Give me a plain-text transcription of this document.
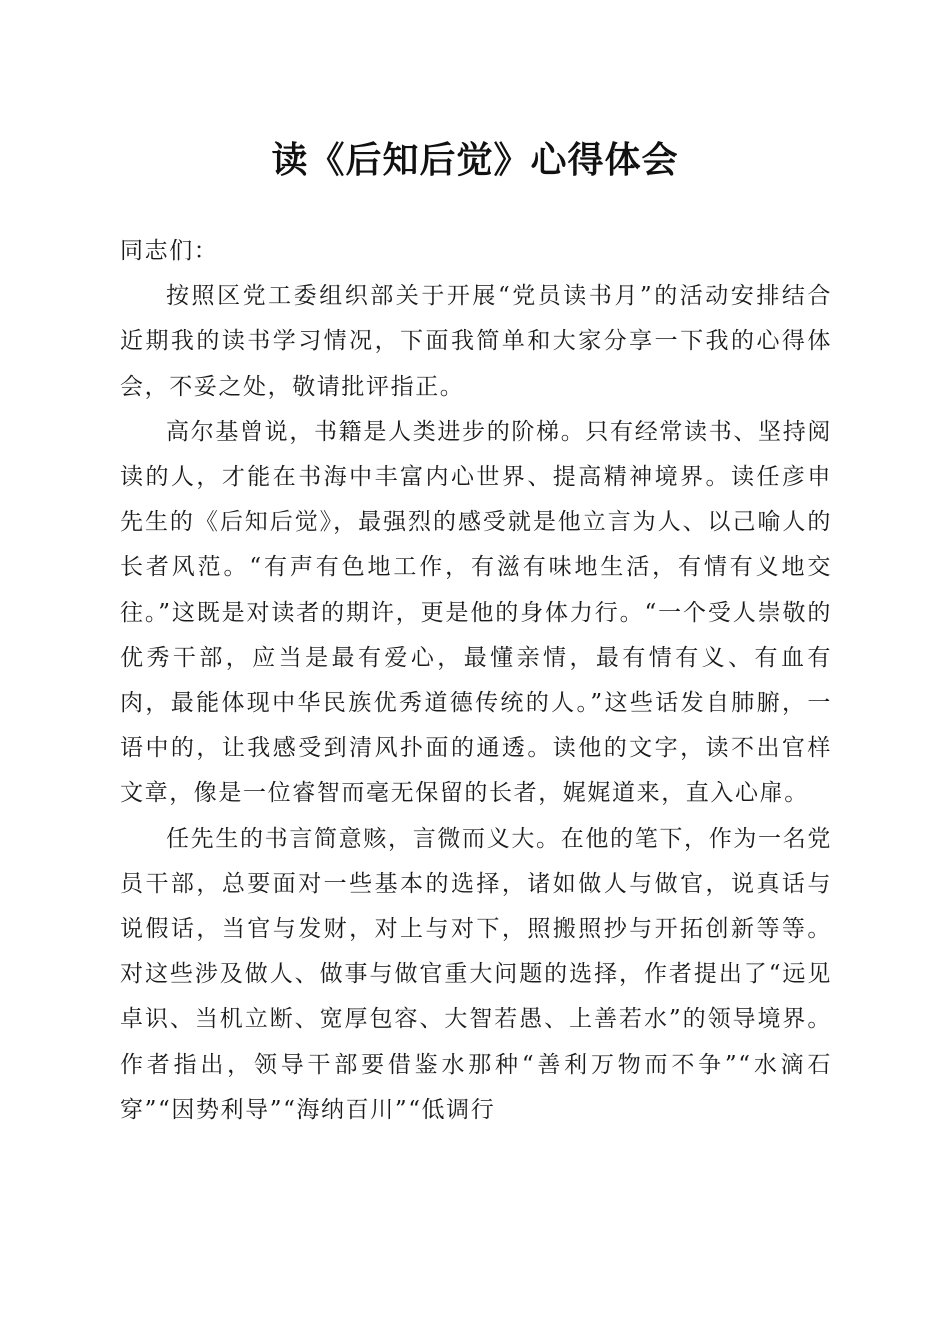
读《后知后觉》心得体会

同志们：

按照区党工委组织部关于开展“党员读书月”的活动安排结合近期我的读书学习情况，下面我简单和大家分享一下我的心得体会，不妥之处，敬请批评指正。

高尔基曾说，书籍是人类进步的阶梯。只有经常读书、坚持阅读的人，才能在书海中丰富内心世界、提高精神境界。读任彦申先生的《后知后觉》，最强烈的感受就是他立言为人、以己喻人的长者风范。“有声有色地工作，有滋有味地生活，有情有义地交往。”这既是对读者的期许，更是他的身体力行。“一个受人崇敬的优秀干部，应当是最有爱心，最懂亲情，最有情有义、有血有肉，最能体现中华民族优秀道德传统的人。”这些话发自肺腑，一语中的，让我感受到清风扑面的通透。读他的文字，读不出官样文章，像是一位睿智而毫无保留的长者，娓娓道来，直入心扉。

任先生的书言简意赅，言微而义大。在他的笔下，作为一名党员干部，总要面对一些基本的选择，诸如做人与做官，说真话与说假话，当官与发财，对上与对下，照搬照抄与开拓创新等等。对这些涉及做人、做事与做官重大问题的选择，作者提出了“远见卓识、当机立断、宽厚包容、大智若愚、上善若水”的领导境界。作者指出，领导干部要借鉴水那种“善利万物而不争”“水滴石穿”“因势利导”“海纳百川”“低调行
